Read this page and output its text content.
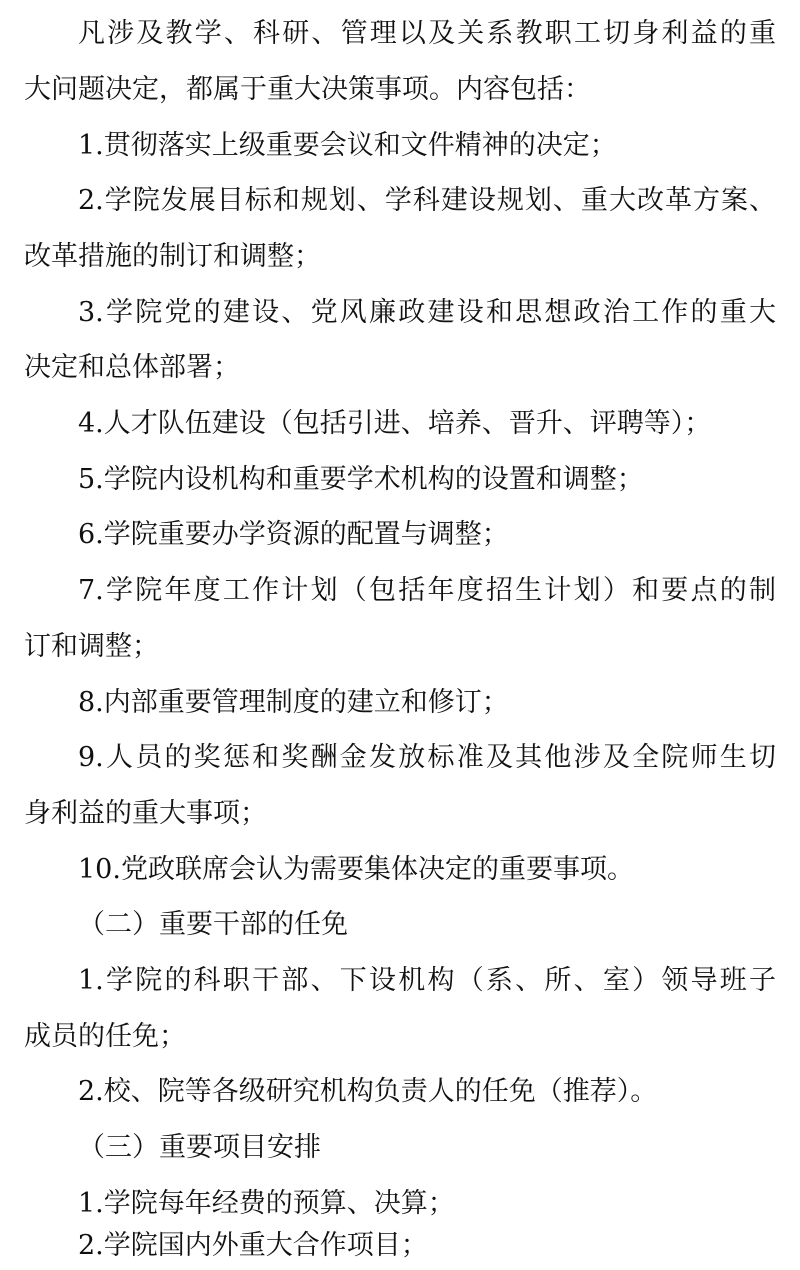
凡涉及教学、科研、管理以及关系教职工切身利益的重
大问题决定，都属于重大决策事项。内容包括：
1.贯彻落实上级重要会议和文件精神的决定；
2.学院发展目标和规划、学科建设规划、重大改革方案、
改革措施的制订和调整；
3.学院党的建设、党风廉政建设和思想政治工作的重大
决定和总体部署；
4.人才队伍建设（包括引进、培养、晋升、评聘等）；
5.学院内设机构和重要学术机构的设置和调整；
6.学院重要办学资源的配置与调整；
7.学院年度工作计划（包括年度招生计划）和要点的制
订和调整；
8.内部重要管理制度的建立和修订；
9.人员的奖惩和奖酬金发放标准及其他涉及全院师生切
身利益的重大事项；
10.党政联席会认为需要集体决定的重要事项。
（二）重要干部的任免
1.学院的科职干部、下设机构（系、所、室）领导班子
成员的任免；
2.校、院等各级研究机构负责人的任免（推荐）。
（三）重要项目安排
1.学院每年经费的预算、决算；
2.学院国内外重大合作项目；
